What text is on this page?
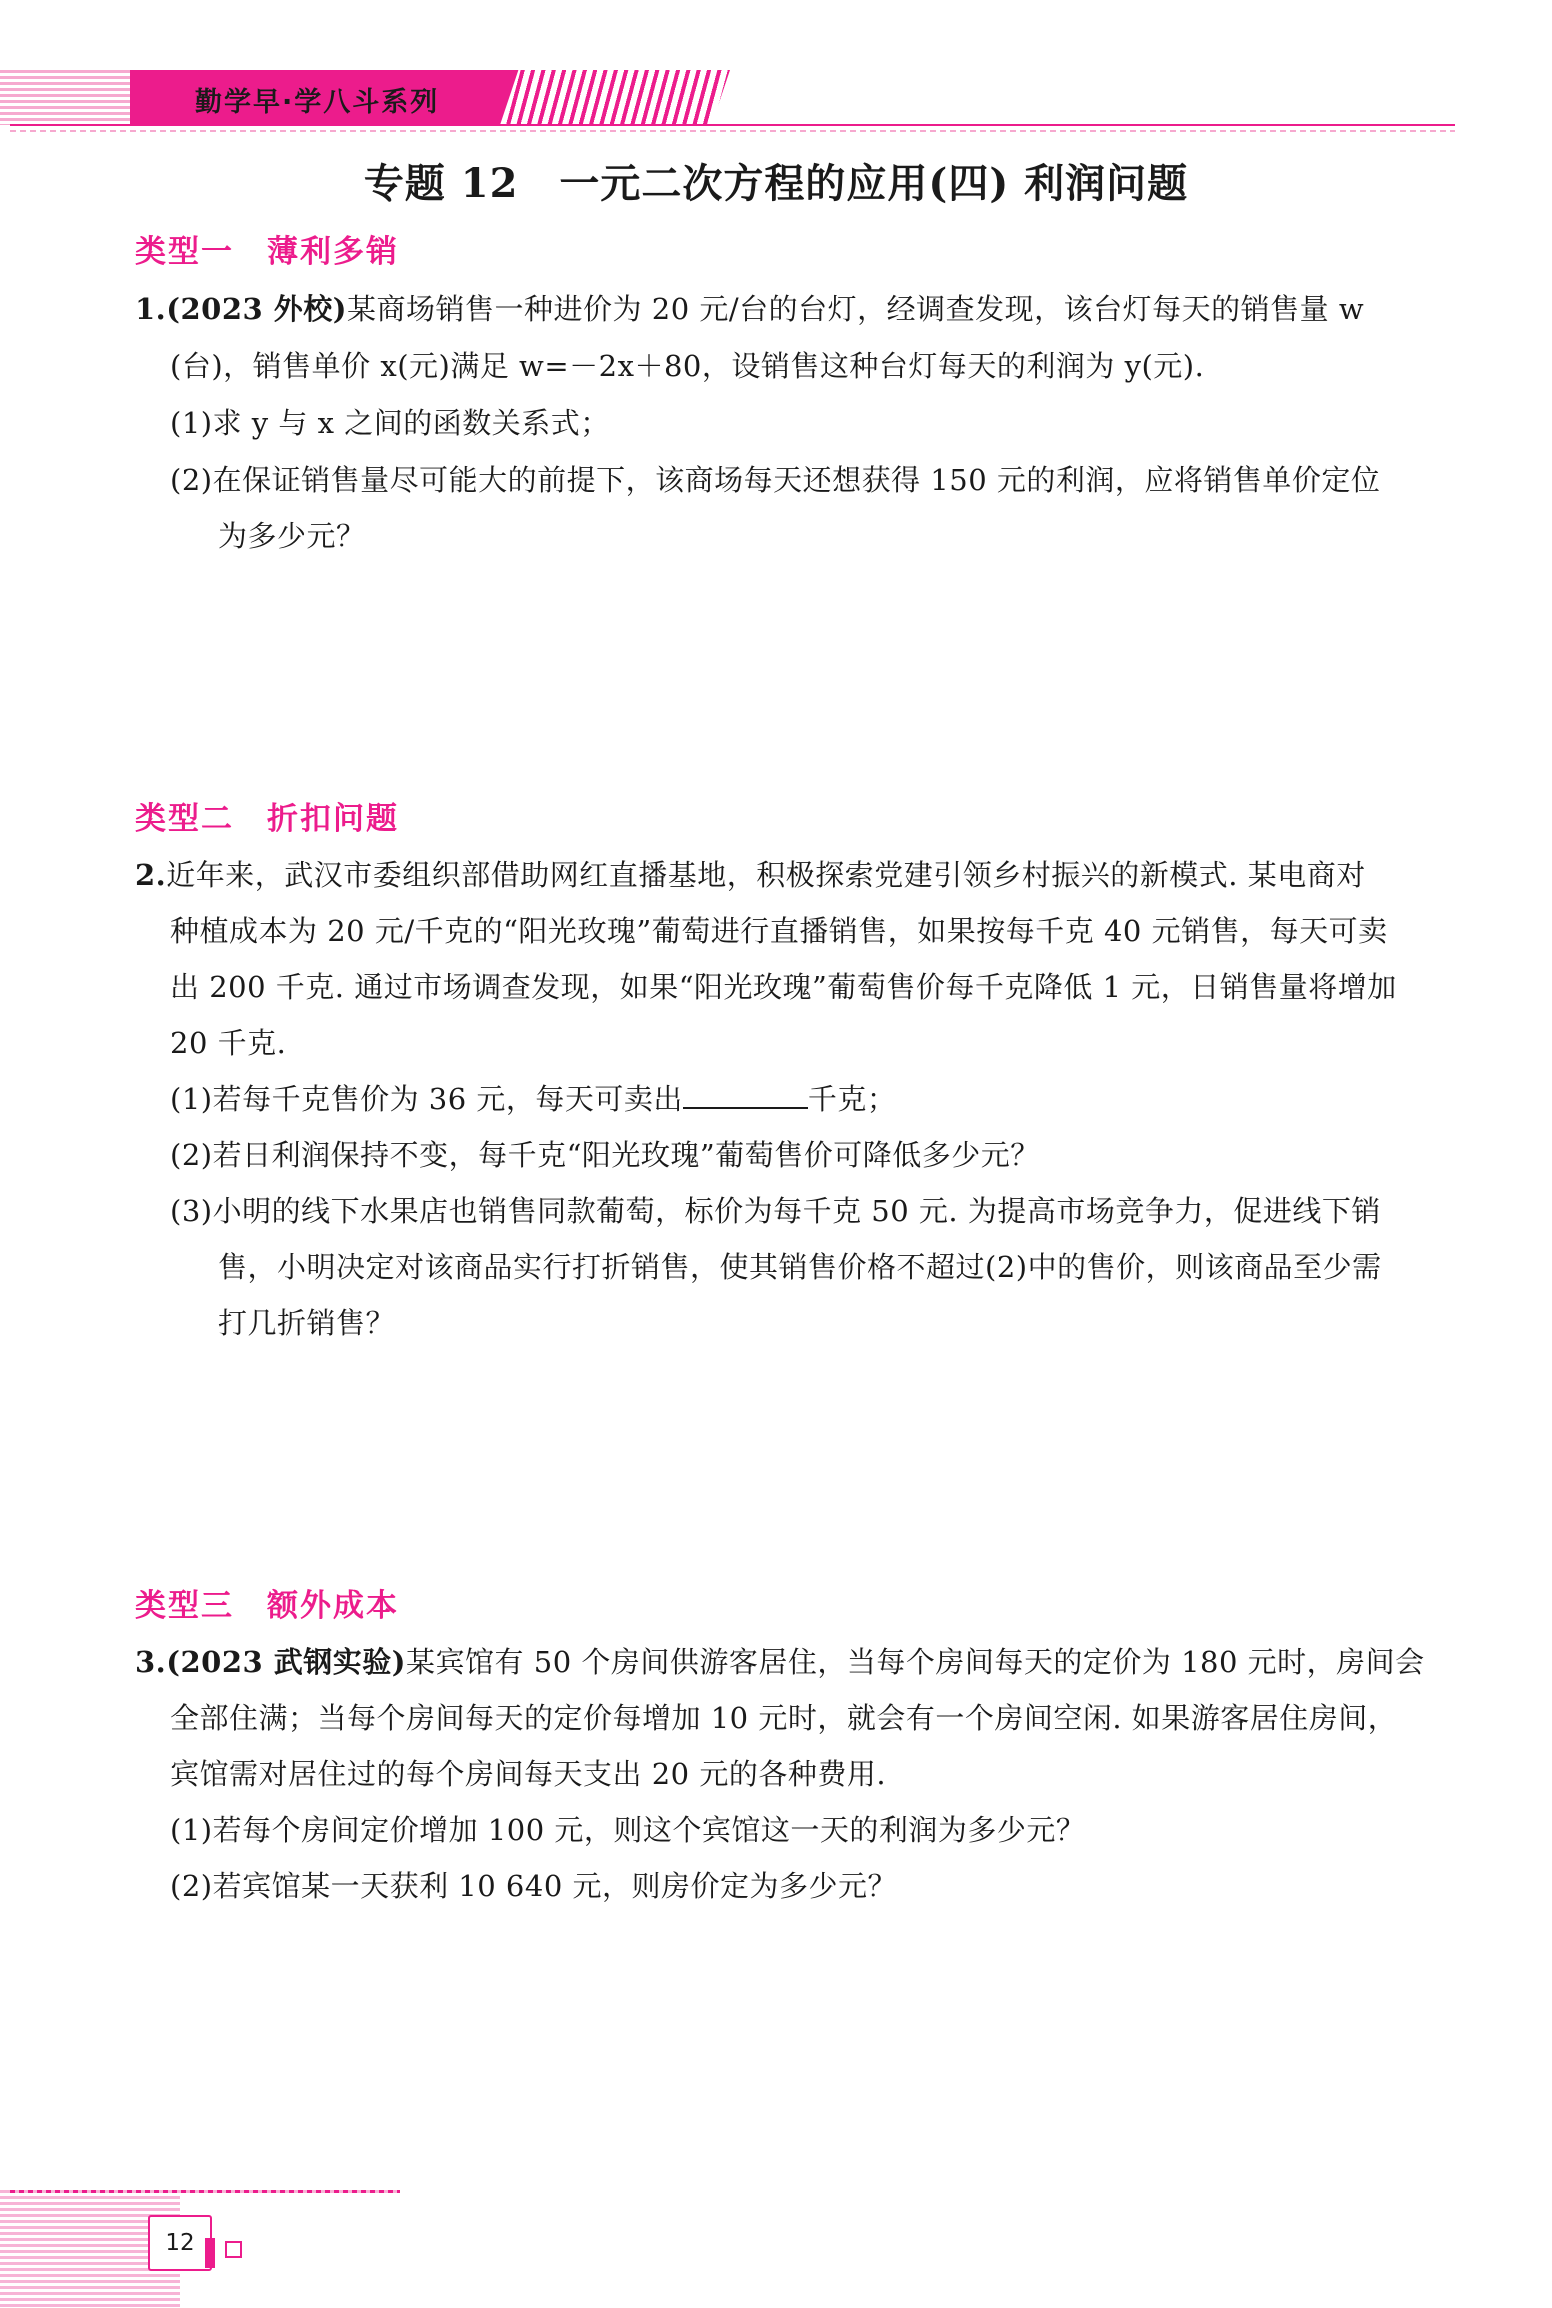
勤学早·学八斗系列
专题 12　一元二次方程的应用(四) 利润问题
类型一　薄利多销
1.(2023 外校)某商场销售一种进价为 20 元/台的台灯，经调查发现，该台灯每天的销售量 w
(台)，销售单价 x(元)满足 w=－2x＋80，设销售这种台灯每天的利润为 y(元).
(1)求 y 与 x 之间的函数关系式；
(2)在保证销售量尽可能大的前提下，该商场每天还想获得 150 元的利润，应将销售单价定位
为多少元？
类型二　折扣问题
2.近年来，武汉市委组织部借助网红直播基地，积极探索党建引领乡村振兴的新模式. 某电商对
种植成本为 20 元/千克的“阳光玫瑰”葡萄进行直播销售，如果按每千克 40 元销售，每天可卖
出 200 千克. 通过市场调查发现，如果“阳光玫瑰”葡萄售价每千克降低 1 元，日销售量将增加
20 千克.
(1)若每千克售价为 36 元，每天可卖出	千克；
(2)若日利润保持不变，每千克“阳光玫瑰”葡萄售价可降低多少元？
(3)小明的线下水果店也销售同款葡萄，标价为每千克 50 元. 为提高市场竞争力，促进线下销
售，小明决定对该商品实行打折销售，使其销售价格不超过(2)中的售价，则该商品至少需
打几折销售？
类型三　额外成本
3.(2023 武钢实验)某宾馆有 50 个房间供游客居住，当每个房间每天的定价为 180 元时，房间会
全部住满；当每个房间每天的定价每增加 10 元时，就会有一个房间空闲. 如果游客居住房间，
宾馆需对居住过的每个房间每天支出 20 元的各种费用.
(1)若每个房间定价增加 100 元，则这个宾馆这一天的利润为多少元？
(2)若宾馆某一天获利 10 640 元，则房价定为多少元？
12
